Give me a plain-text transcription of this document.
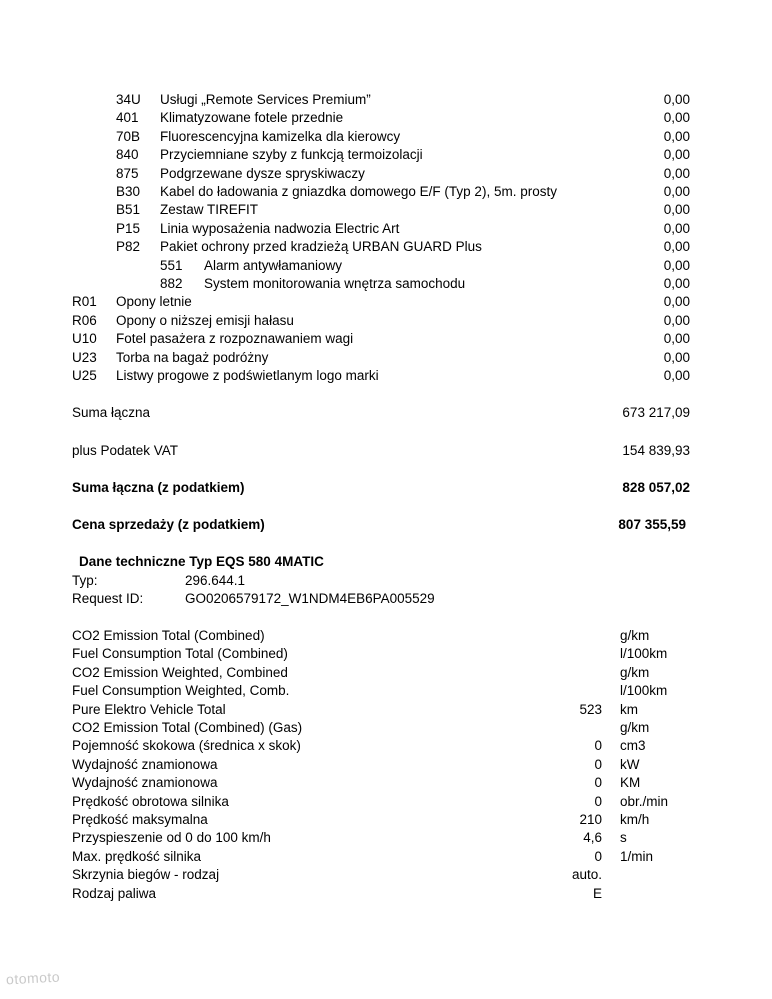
34U Usługi „Remote Services Premium”	0,00
401 Klimatyzowane fotele przednie	0,00
70B Fluorescencyjna kamizelka dla kierowcy	0,00
840 Przyciemniane szyby z funkcją termoizolacji	0,00
875 Podgrzewane dysze spryskiwaczy	0,00
B30 Kabel do ładowania z gniazdka domowego E/F (Typ 2), 5m. prosty	0,00
B51 Zestaw TIREFIT	0,00
P15 Linia wyposażenia nadwozia Electric Art	0,00
P82 Pakiet ochrony przed kradzieżą URBAN GUARD Plus	0,00
551 Alarm antywłamaniowy	0,00
882 System monitorowania wnętrza samochodu	0,00
R01 Opony letnie	0,00
R06 Opony o niższej emisji hałasu	0,00
U10 Fotel pasażera z rozpoznawaniem wagi	0,00
U23 Torba na bagaż podróżny	0,00
U25 Listwy progowe z podświetlanym logo marki	0,00
Suma łączna	673 217,09
plus Podatek VAT	154 839,93
Suma łączna (z podatkiem)	828 057,02
Cena sprzedaży (z podatkiem)	807 355,59
Dane techniczne Typ EQS 580 4MATIC
Typ:	296.644.1
Request ID:	GO0206579172_W1NDM4EB6PA005529
CO2 Emission Total (Combined)	g/km
Fuel Consumption Total (Combined)	l/100km
CO2 Emission Weighted, Combined	g/km
Fuel Consumption Weighted, Comb.	l/100km
Pure Elektro Vehicle Total	523 km
CO2 Emission Total (Combined) (Gas)	g/km
Pojemność skokowa (średnica x skok)	0 cm3
Wydajność znamionowa	0 kW
Wydajność znamionowa	0 KM
Prędkość obrotowa silnika	0 obr./min
Prędkość maksymalna	210 km/h
Przyspieszenie od 0 do 100 km/h	4,6 s
Max. prędkość silnika	0 1/min
Skrzynia biegów - rodzaj	auto.
Rodzaj paliwa	E
otomoto
